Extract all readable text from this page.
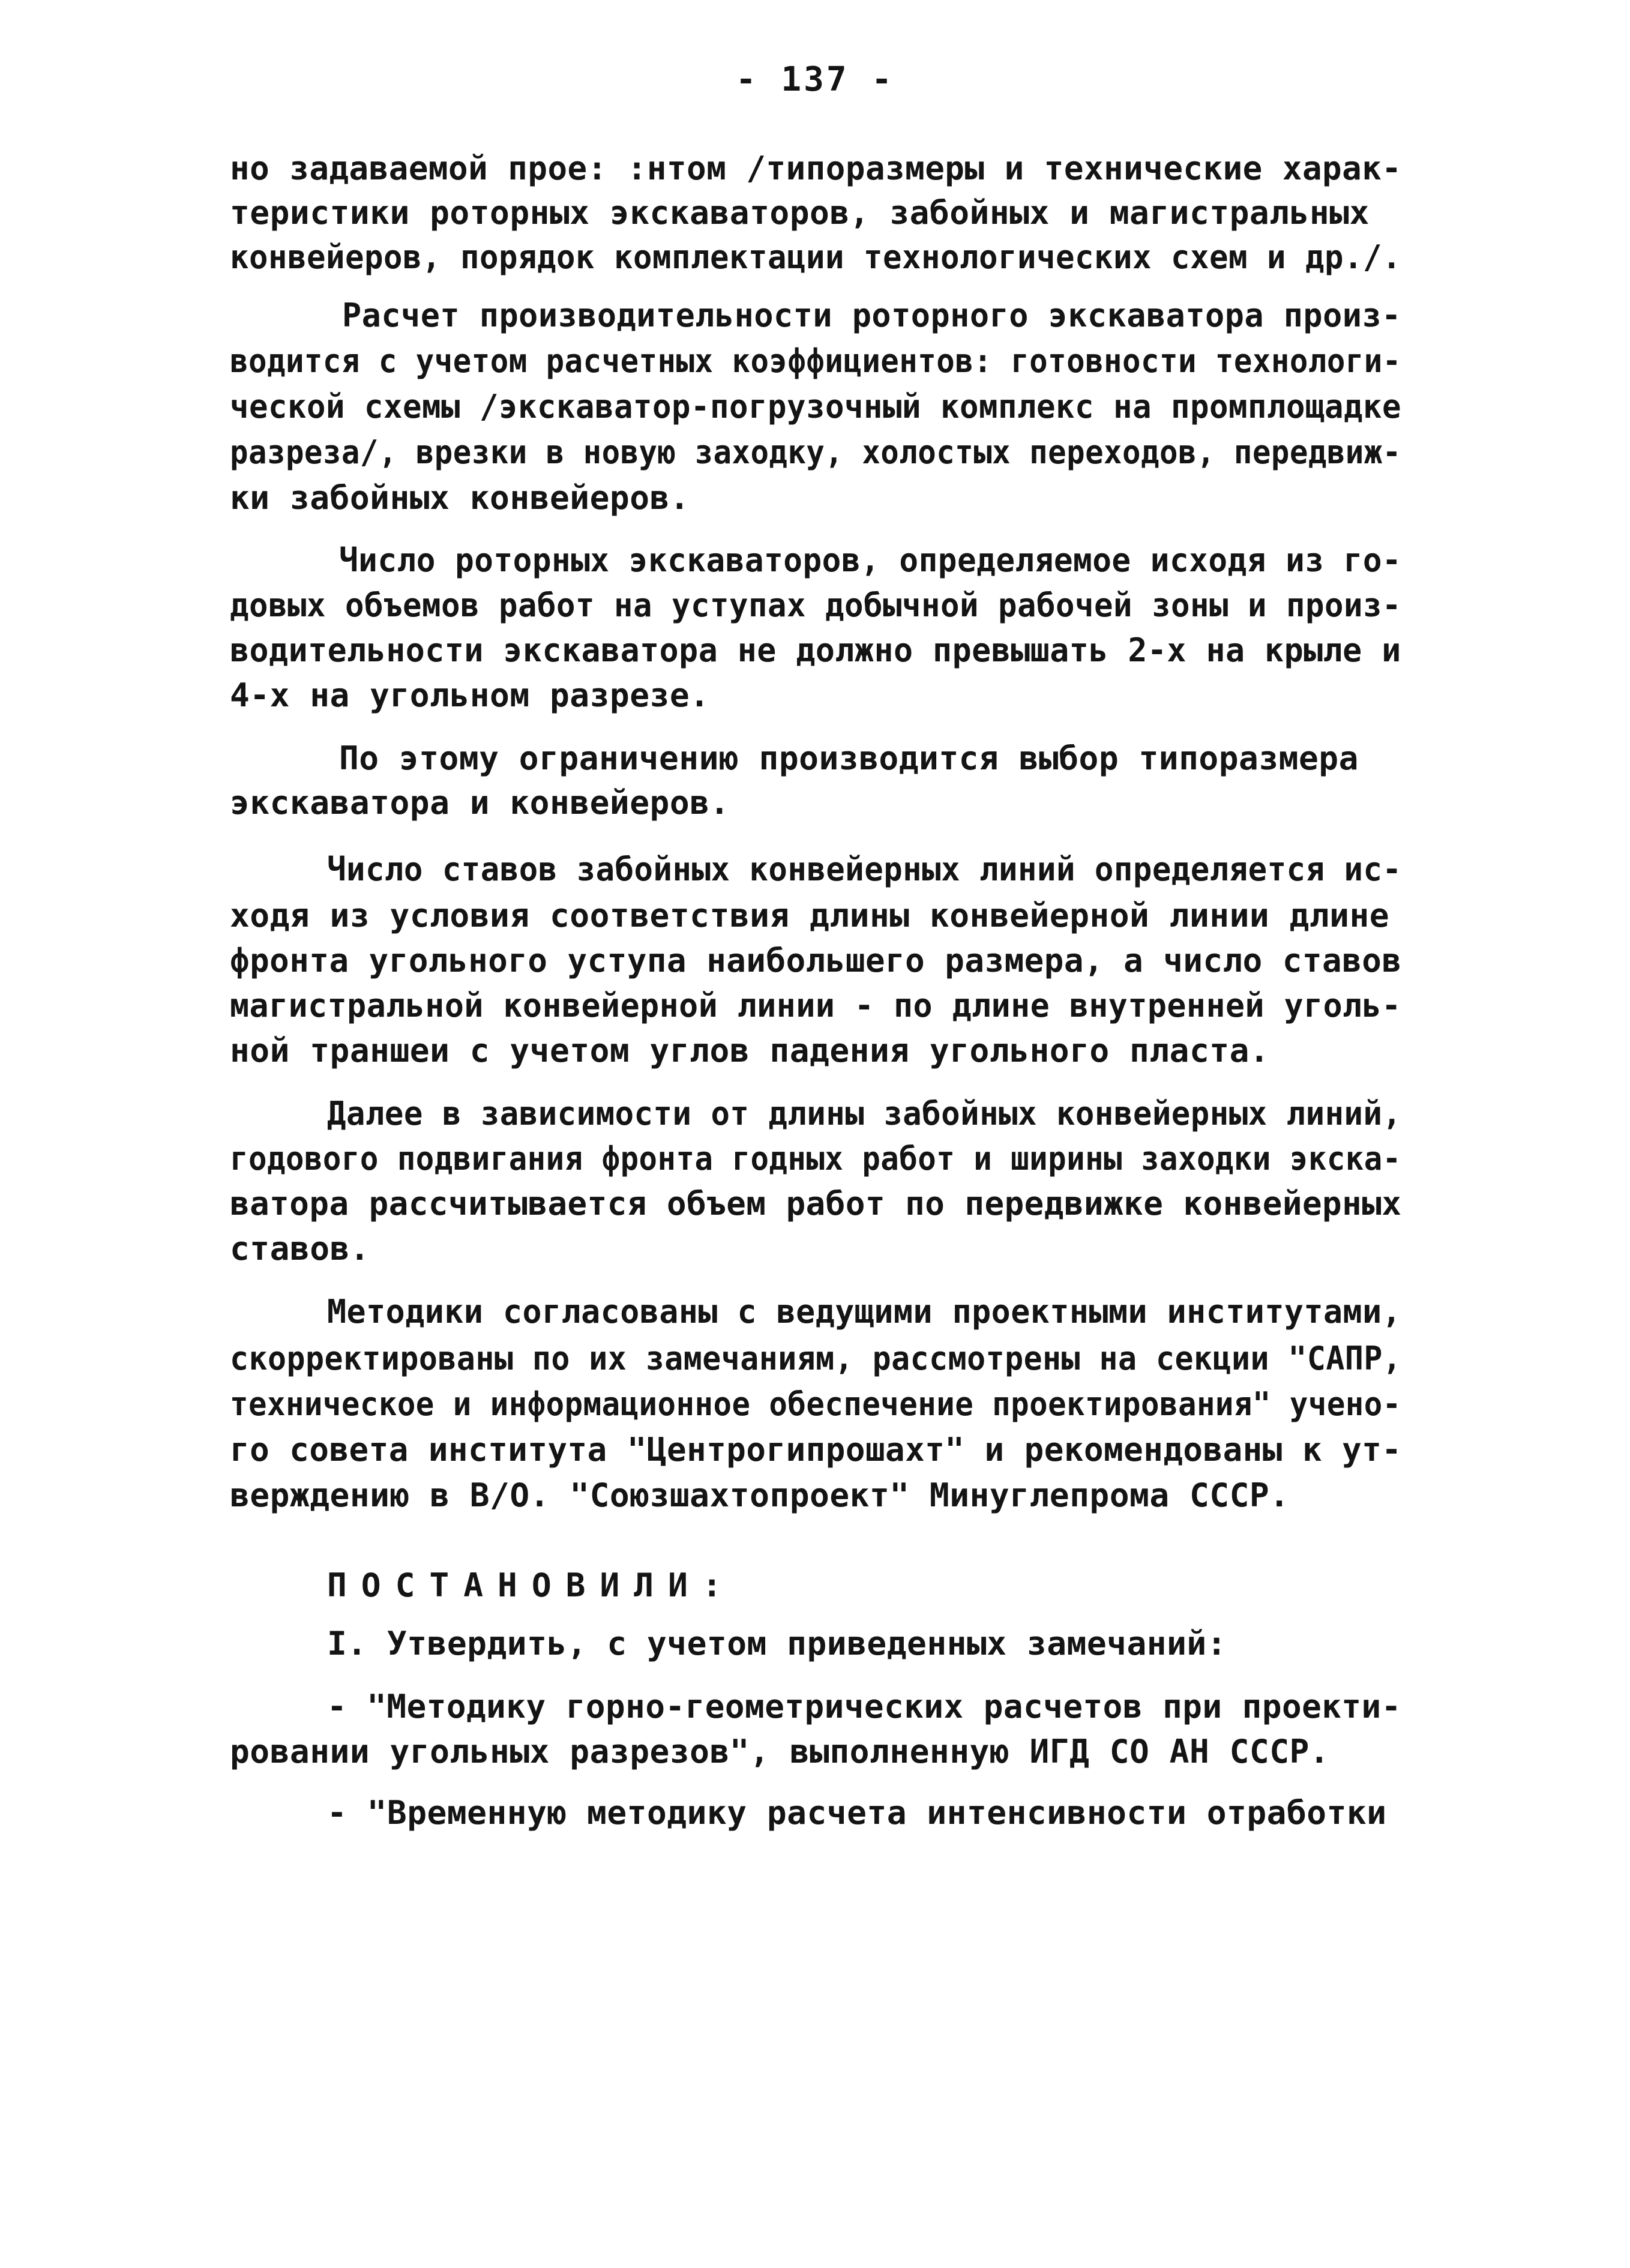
- 137 -
но задаваемой прое: :нтом /типоразмеры и технические харак-
теристики роторных экскаваторов, забойных и магистральных
конвейеров, порядок комплектации технологических схем и др./.
Расчет производительности роторного экскаватора произ-
водится с учетом расчетных коэффициентов: готовности технологи-
ческой схемы /экскаватор-погрузочный комплекс на промплощадке
разреза/, врезки в новую заходку, холостых переходов, передвиж-
ки забойных конвейеров.
Число роторных экскаваторов, определяемое исходя из го-
довых объемов работ на уступах добычной рабочей зоны и произ-
водительности экскаватора не должно превышать 2-х на крыле и
4-х на угольном разрезе.
По этому ограничению производится выбор типоразмера
экскаватора и конвейеров.
Число ставов забойных конвейерных линий определяется ис-
ходя из условия соответствия длины конвейерной линии длине
фронта угольного уступа наибольшего размера, а число ставов
магистральной конвейерной линии - по длине внутренней уголь-
ной траншеи с учетом углов падения угольного пласта.
Далее в зависимости от длины забойных конвейерных линий,
годового подвигания фронта годных работ и ширины заходки экска-
ватора рассчитывается объем работ по передвижке конвейерных
ставов.
Методики согласованы с ведущими проектными институтами,
скорректированы по их замечаниям, рассмотрены на секции "САПР,
техническое и информационное обеспечение проектирования" учено-
го совета института "Центрогипрошахт" и рекомендованы к ут-
верждению в В/О. "Союзшахтопроект" Минуглепрома СССР.
ПОСТАНОВИЛИ:
I. Утвердить, с учетом приведенных замечаний:
- "Методику горно-геометрических расчетов при проекти-
ровании угольных разрезов", выполненную ИГД СО АН СССР.
- "Временную методику расчета интенсивности отработки
